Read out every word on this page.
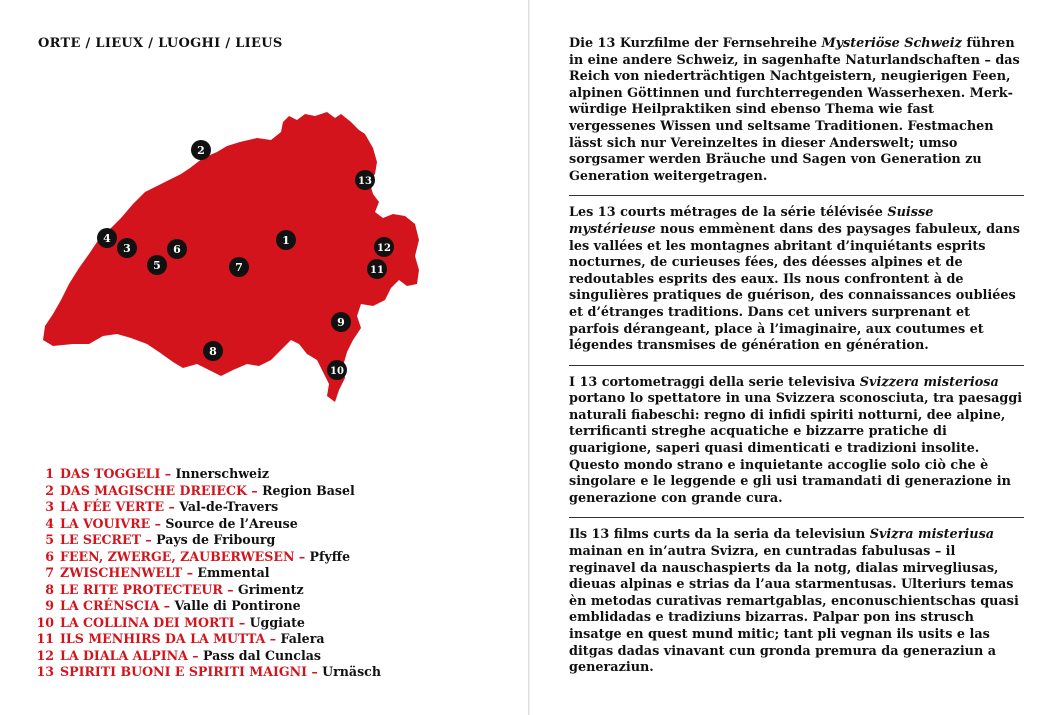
ORTE / LIEUX / LUOGHI / LIEUS
1
2
3
4
5
6
7
8
9
10
11
12
13
1 DAS TOGGELI – Innerschweiz
2 DAS MAGISCHE DREIECK – Region Basel
3 LA FÉE VERTE – Val-de-Travers
4 LA VOUIVRE – Source de l’Areuse
5 LE SECRET – Pays de Fribourg
6 FEEN, ZWERGE, ZAUBERWESEN – Pfyffe
7 ZWISCHENWELT – Emmental
8 LE RITE PROTECTEUR – Grimentz
9 LA CRÉNSCIA – Valle di Pontirone
10 LA COLLINA DEI MORTI – Uggiate
11 ILS MENHIRS DA LA MUTTA – Falera
12 LA DIALA ALPINA – Pass dal Cunclas
13 SPIRITI BUONI E SPIRITI MAIGNI – Urnäsch

Die 13 Kurzfilme der Fernsehreihe Mysteriöse Schweiz führen in eine andere Schweiz, in sagenhafte Naturlandschaften – das Reich von niederträchtigen Nachtgeistern, neugierigen Feen, alpinen Göttinnen und furchterregenden Wasserhexen. Merkwürdige Heilpraktiken sind ebenso Thema wie fast vergessenes Wissen und seltsame Traditionen. Festmachen lässt sich nur Vereinzeltes in dieser Anderswelt; umso sorgsamer werden Bräuche und Sagen von Generation zu Generation weitergetragen.

Les 13 courts métrages de la série télévisée Suisse mystérieuse nous emmènent dans des paysages fabuleux, dans les vallées et les montagnes abritant d’inquiétants esprits nocturnes, de curieuses fées, des déesses alpines et de redoutables esprits des eaux. Ils nous confrontent à de singulières pratiques de guérison, des connaissances oubliées et d’étranges traditions. Dans cet univers surprenant et parfois dérangeant, place à l’imaginaire, aux coutumes et légendes transmises de génération en génération.

I 13 cortometraggi della serie televisiva Svizzera misteriosa portano lo spettatore in una Svizzera sconosciuta, tra paesaggi naturali fiabeschi: regno di infidi spiriti notturni, dee alpine, terrificanti streghe acquatiche e bizzarre pratiche di guarigione, saperi quasi dimenticati e tradizioni insolite. Questo mondo strano e inquietante accoglie solo ciò che è singolare e le leggende e gli usi tramandati di generazione in generazione con grande cura.

Ils 13 films curts da la seria da televisiun Svizra misteriusa mainan en in’autra Svizra, en cuntradas fabulusas – il reginavel da nauschaspierts da la notg, dialas mirvegliusas, dieuas alpinas e strias da l’aua starmentusas. Ulteriurs temas èn metodas curativas remartgablas, enconuschientschas quasi emblidadas e tradiziuns bizarras. Palpar pon ins strusch insatge en quest mund mitic; tant pli vegnan ils usits e las ditgas dadas vinavant cun gronda premura da generaziun a generaziun.
